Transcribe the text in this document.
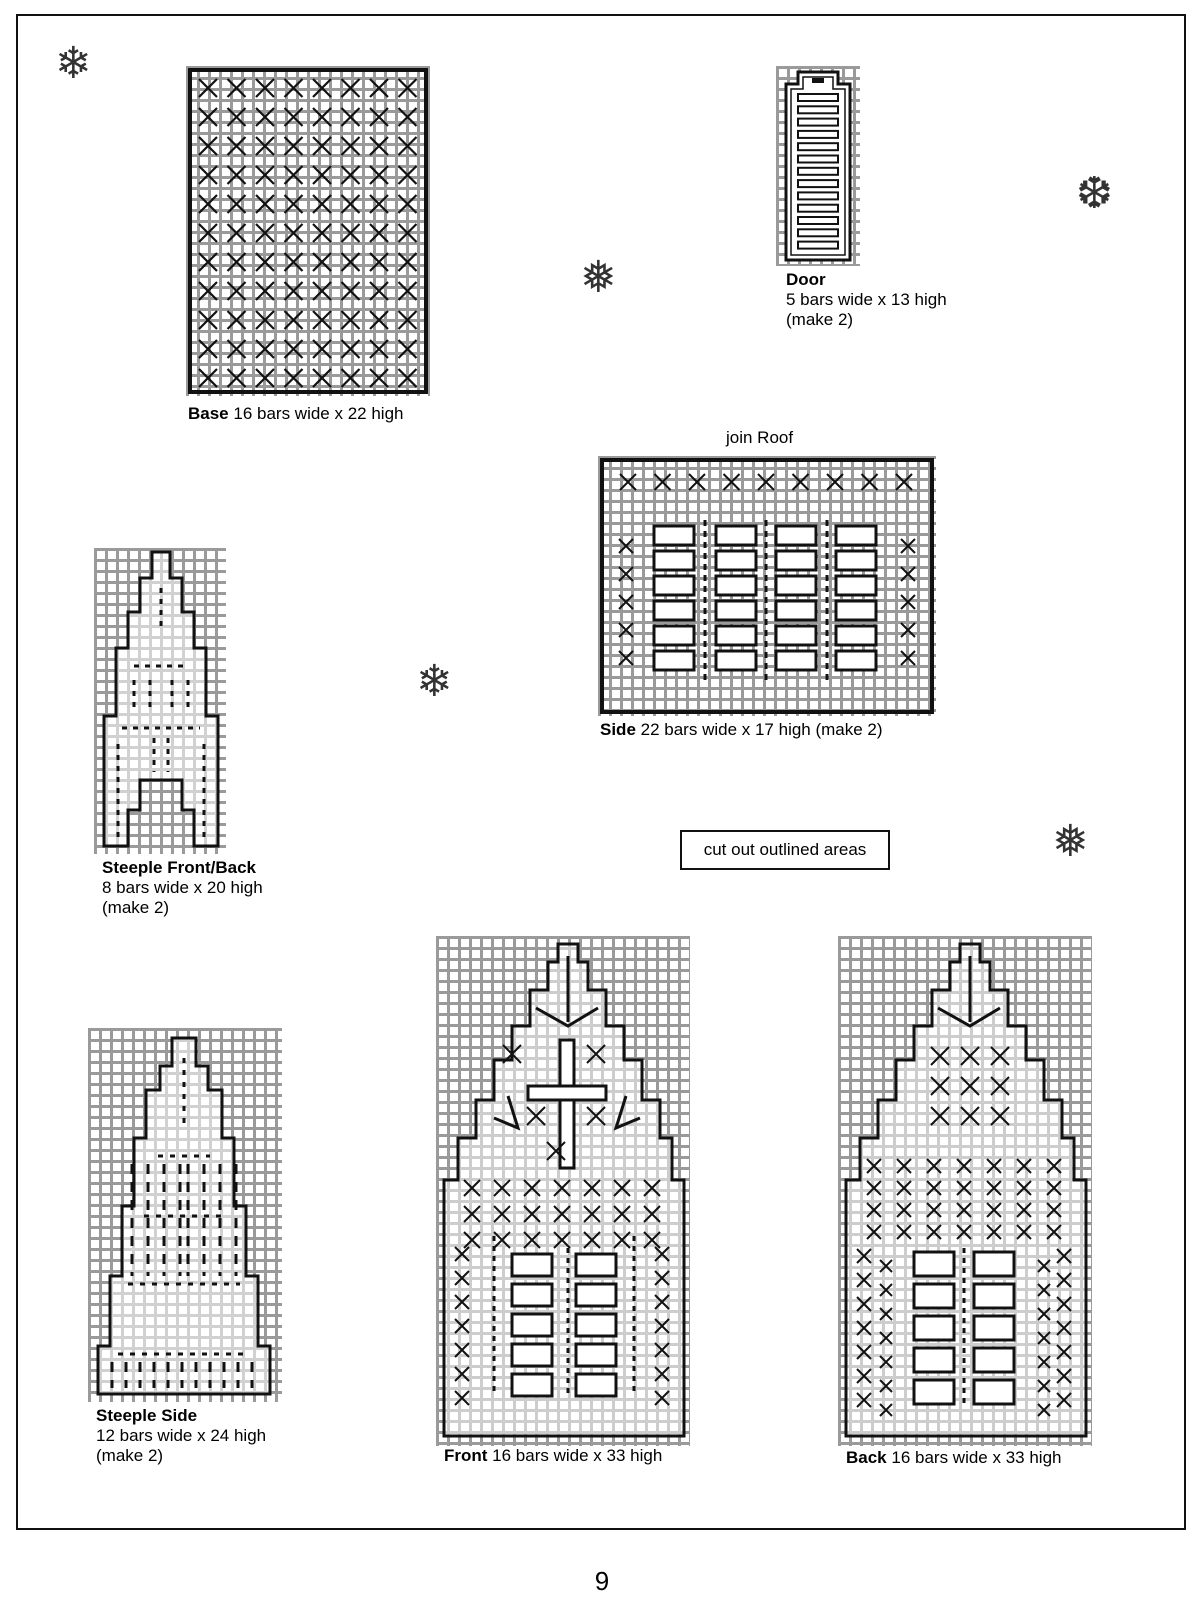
❄
❅
❆
❄
❅
Base 16 bars wide x 22 high
Door
5 bars wide x 13 high
(make 2)
join Roof
Side 22 bars wide x 17 high (make 2)
Steeple Front/Back
8 bars wide x 20 high
(make 2)
Steeple Side
12 bars wide x 24 high
(make 2)
cut out outlined areas
Front 16 bars wide x 33 high	Back 16 bars wide x 33 high
9
